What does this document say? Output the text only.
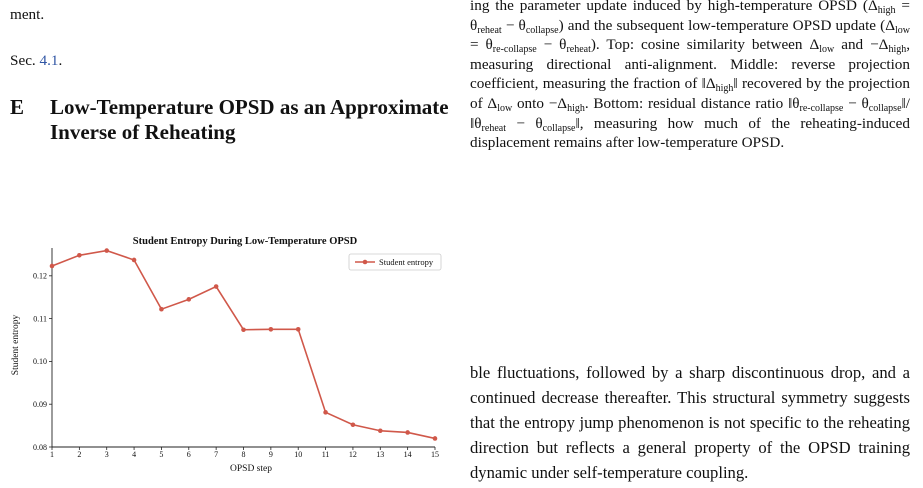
ment.

Sec. 4.1.

E Low-Temperature OPSD as an Approximate Inverse of Reheating
Student Entropy During Low-Temperature OPSD
Student entropy
OPSD step
1	2	3	4	5	6	7	8	9	10 11 12 13 14 15
0.08
0.09
0.10
0.11
0.12
Student entropy

ing the parameter update induced by high-temperature OPSD $(\Delta_{high} = \theta_{reheat} - \theta_{collapse})$ and the subsequent low-temperature OPSD update $(\Delta_{low} = \theta_{re-collapse} - \theta_{reheat})$. Top: cosine similarity between $\Delta_{low}$ and $-\Delta_{high}$, measuring directional anti-alignment. Middle: reverse projection coefficient, measuring the fraction of $‖\Delta_{high}‖$ recovered by the projection of $\Delta_{low}$ onto $-\Delta_{high}$. Bottom: residual distance ratio $‖\theta_{re-collapse}$ − $\theta_{collapse}‖/‖\theta_{reheat}$ − $\theta_{collapse}‖$, measuring how much of the reheating-induced displacement remains after low-temperature OPSD.

ble fluctuations, followed by a sharp discontinuous drop, and a continued decrease thereafter. This structural symmetry suggests that the entropy jump phenomenon is not specific to the reheating direction but reflects a general property of the OPSD training dynamic under self-temperature coupling.
